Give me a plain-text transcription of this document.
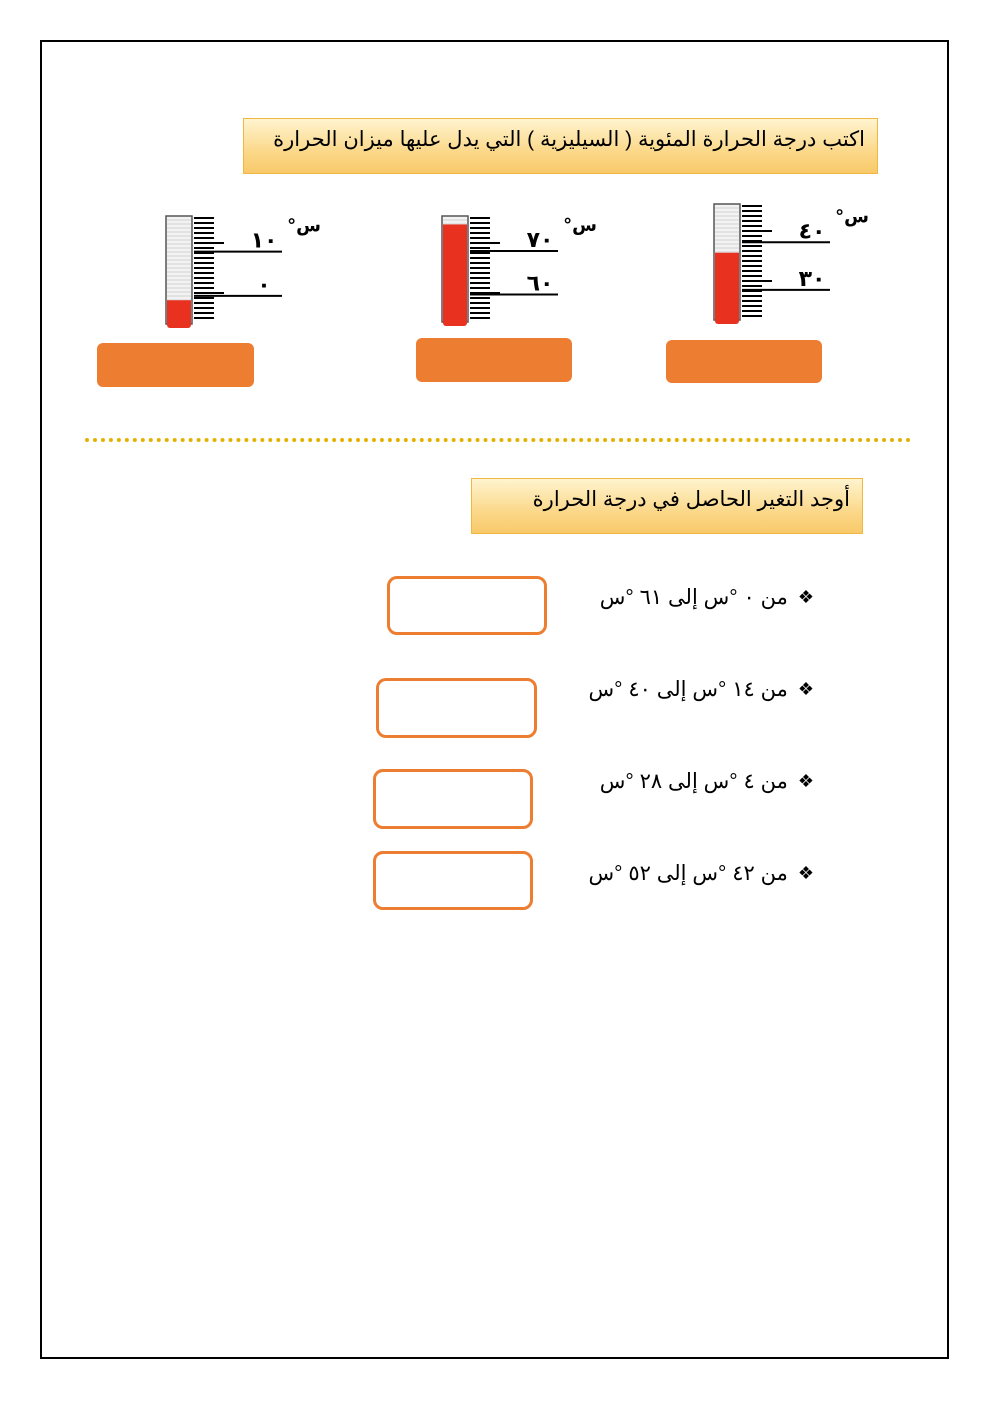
اكتب درجة الحرارة المئوية ( السيليزية ) التي يدل عليها ميزان الحرارة
٤٠
٣٠
°س
٧٠
٦٠
°س
١٠
٠
°س
أوجد التغير الحاصل في درجة الحرارة
❖
من ٠ °س إلى ٦١ °س
❖
من ١٤ °س إلى ٤٠ °س
❖
من ٤ °س إلى ٢٨ °س
❖
من ٤٢ °س إلى ٥٢ °س
